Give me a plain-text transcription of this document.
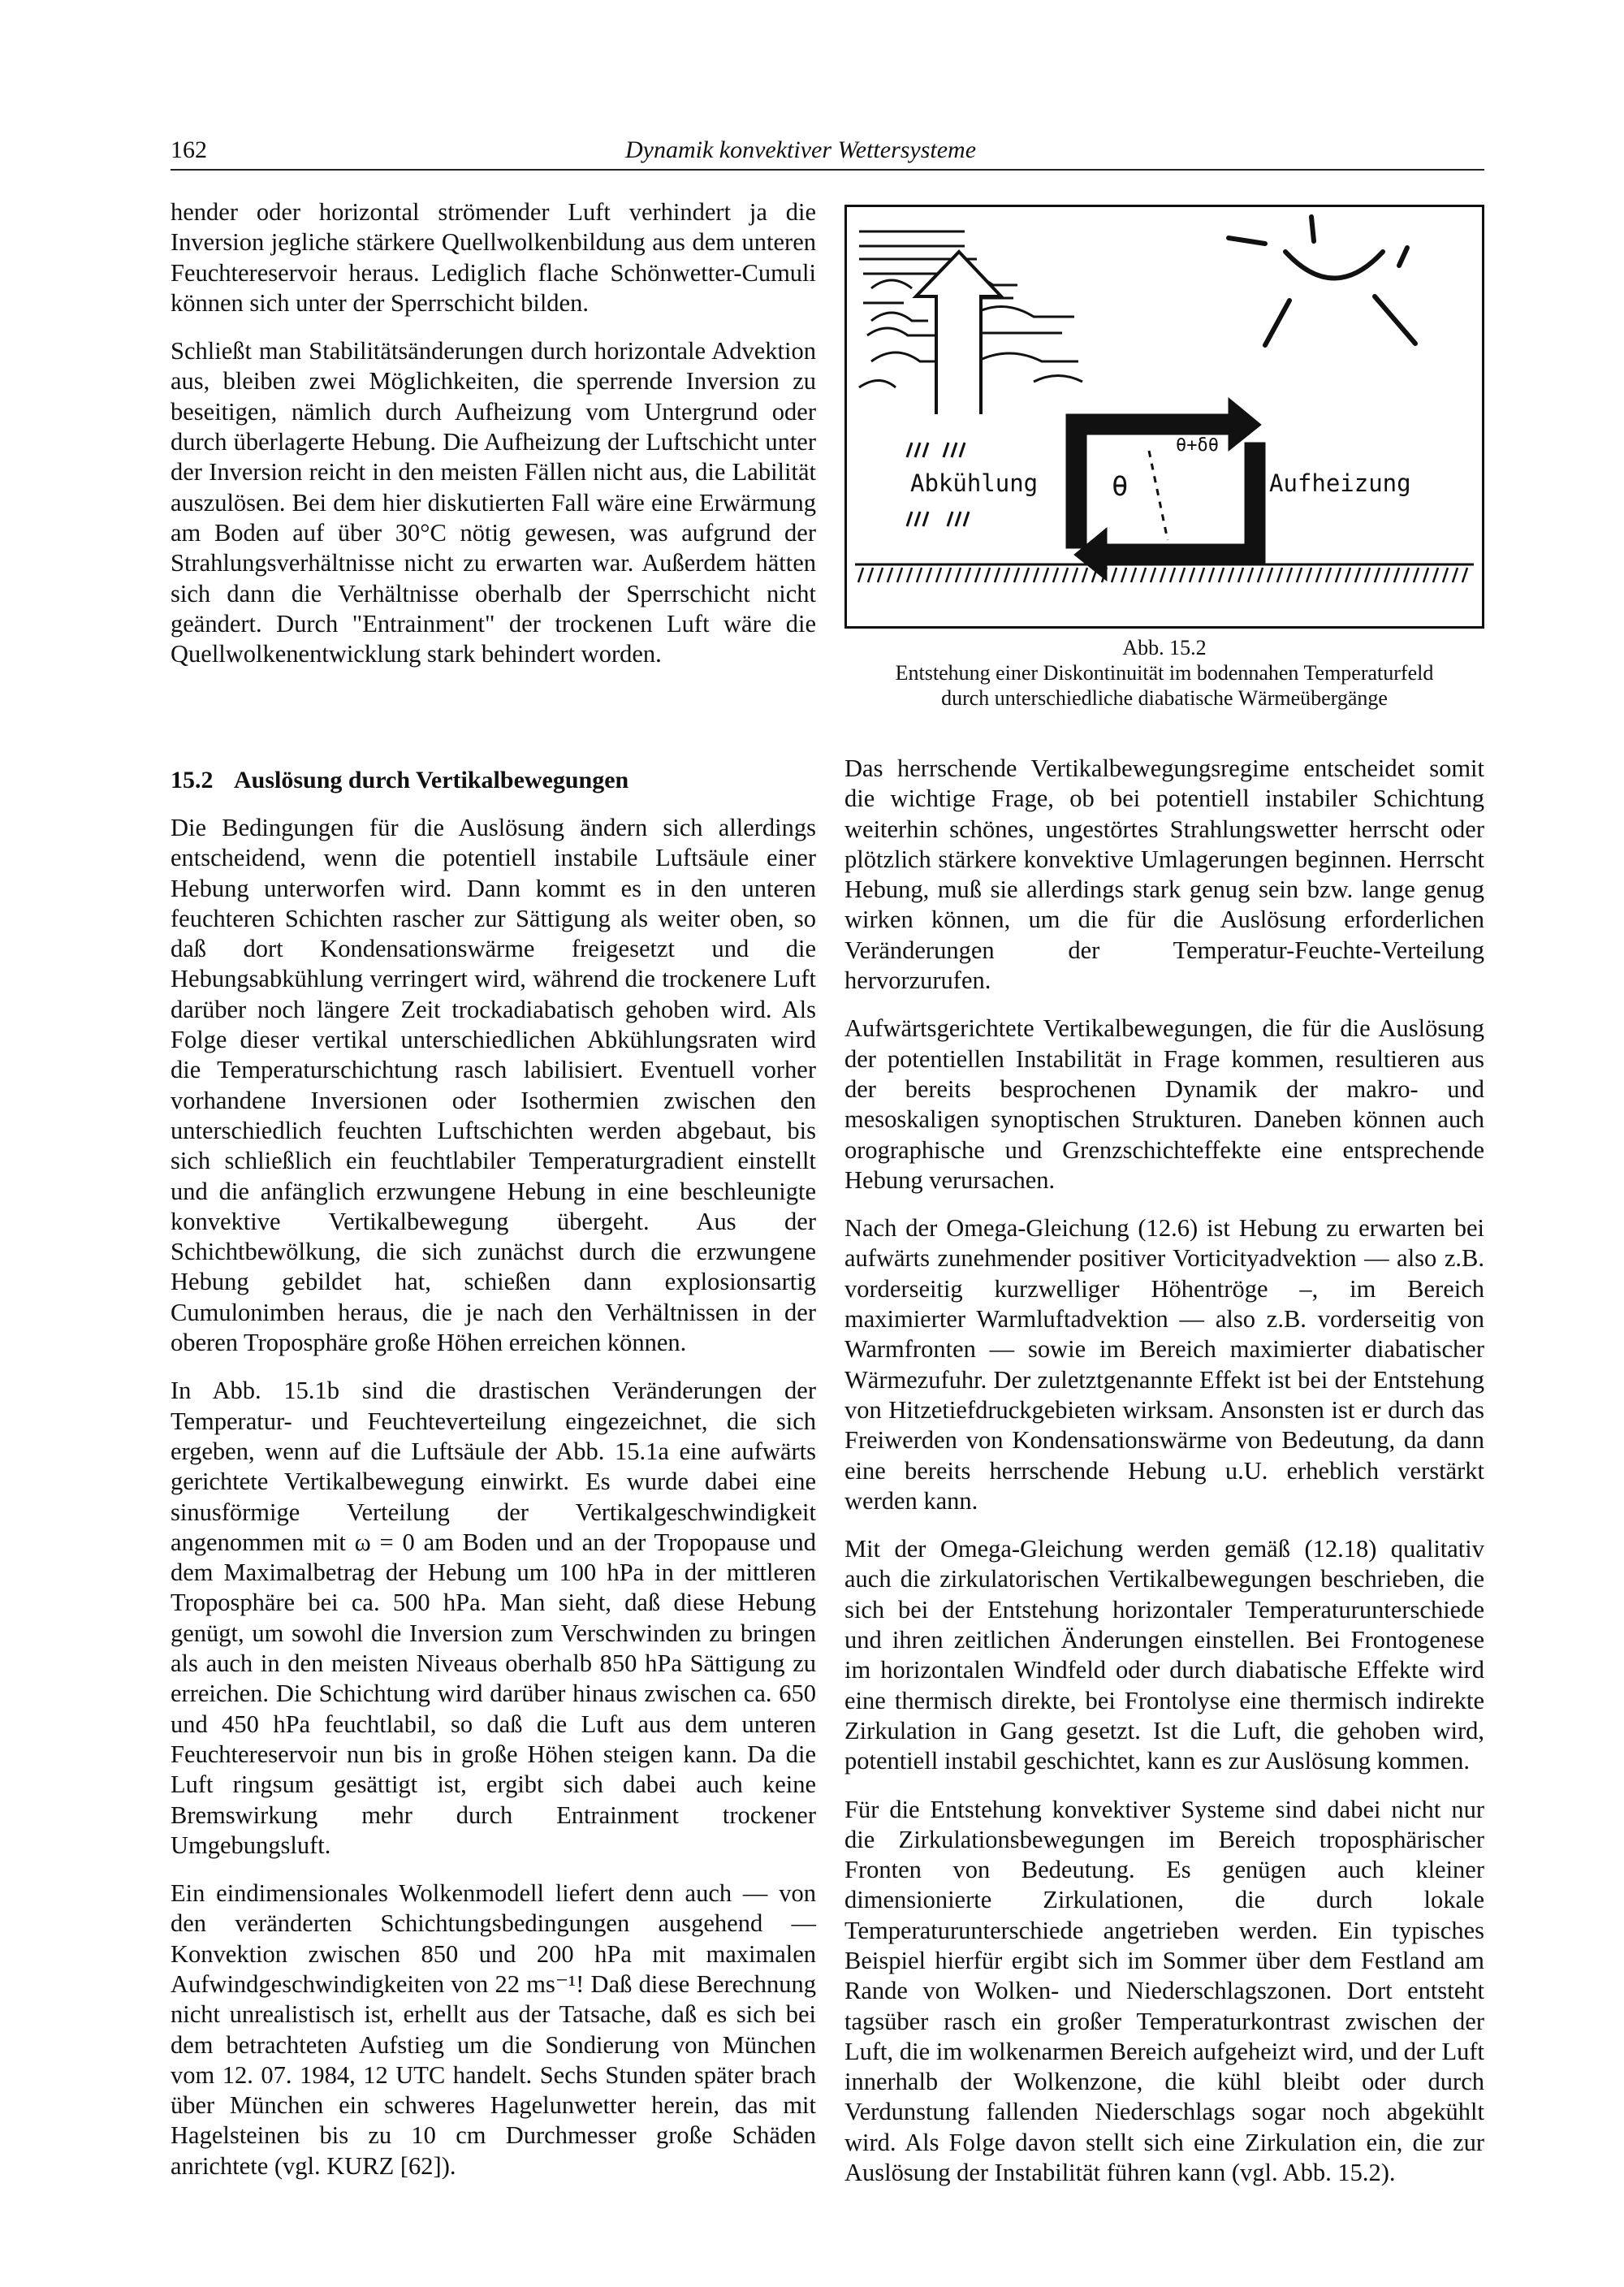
162	Dynamik konvektiver Wettersysteme

hender oder horizontal strömender Luft verhindert ja die Inversion jegliche stärkere Quellwolkenbildung aus dem unteren Feuchtereservoir heraus. Lediglich flache Schönwetter-Cumuli können sich unter der Sperrschicht bilden.

Schließt man Stabilitätsänderungen durch horizontale Advektion aus, bleiben zwei Möglichkeiten, die sperrende Inversion zu beseitigen, nämlich durch Aufheizung vom Untergrund oder durch überlagerte Hebung. Die Aufheizung der Luftschicht unter der Inversion reicht in den meisten Fällen nicht aus, die Labilität auszulösen. Bei dem hier diskutierten Fall wäre eine Erwärmung am Boden auf über 30°C nötig gewesen, was aufgrund der Strahlungsverhältnisse nicht zu erwarten war. Außerdem hätten sich dann die Verhältnisse oberhalb der Sperrschicht nicht geändert. Durch "Entrainment" der trockenen Luft wäre die Quellwolkenentwicklung stark behindert worden.

θ
θ+δθ
Abkühlung	Aufheizung
Abb. 15.2
Entstehung einer Diskontinuität im bodennahen Temperaturfeld
durch unterschiedliche diabatische Wärmeübergänge
15.2 Auslösung durch Vertikalbewegungen

Die Bedingungen für die Auslösung ändern sich allerdings entscheidend, wenn die potentiell instabile Luftsäule einer Hebung unterworfen wird. Dann kommt es in den unteren feuchteren Schichten rascher zur Sättigung als weiter oben, so daß dort Kondensationswärme freigesetzt und die Hebungsabkühlung verringert wird, während die trockenere Luft darüber noch längere Zeit trockadiabatisch gehoben wird. Als Folge dieser vertikal unterschiedlichen Abkühlungsraten wird die Temperaturschichtung rasch labilisiert. Eventuell vorher vorhandene Inversionen oder Isothermien zwischen den unterschiedlich feuchten Luftschichten werden abgebaut, bis sich schließlich ein feuchtlabiler Temperaturgradient einstellt und die anfänglich erzwungene Hebung in eine beschleunigte konvektive Vertikalbewegung übergeht. Aus der Schichtbewölkung, die sich zunächst durch die erzwungene Hebung gebildet hat, schießen dann explosionsartig Cumulonimben heraus, die je nach den Verhältnissen in der oberen Troposphäre große Höhen erreichen können.

In Abb. 15.1b sind die drastischen Veränderungen der Temperatur- und Feuchteverteilung eingezeichnet, die sich ergeben, wenn auf die Luftsäule der Abb. 15.1a eine aufwärts gerichtete Vertikalbewegung einwirkt. Es wurde dabei eine sinusförmige Verteilung der Vertikalgeschwindigkeit angenommen mit ω = 0 am Boden und an der Tropopause und dem Maximalbetrag der Hebung um 100 hPa in der mittleren Troposphäre bei ca. 500 hPa. Man sieht, daß diese Hebung genügt, um sowohl die Inversion zum Verschwinden zu bringen als auch in den meisten Niveaus oberhalb 850 hPa Sättigung zu erreichen. Die Schichtung wird darüber hinaus zwischen ca. 650 und 450 hPa feuchtlabil, so daß die Luft aus dem unteren Feuchtereservoir nun bis in große Höhen steigen kann. Da die Luft ringsum gesättigt ist, ergibt sich dabei auch keine Bremswirkung mehr durch Entrainment trockener Umgebungsluft.

Ein eindimensionales Wolkenmodell liefert denn auch — von den veränderten Schichtungsbedingungen ausgehend — Konvektion zwischen 850 und 200 hPa mit maximalen Aufwindgeschwindigkeiten von 22 ms⁻¹! Daß diese Berechnung nicht unrealistisch ist, erhellt aus der Tatsache, daß es sich bei dem betrachteten Aufstieg um die Sondierung von München vom 12. 07. 1984, 12 UTC handelt. Sechs Stunden später brach über München ein schweres Hagelunwetter herein, das mit Hagelsteinen bis zu 10 cm Durchmesser große Schäden anrichtete (vgl. KURZ [62]).

Das herrschende Vertikalbewegungsregime entscheidet somit die wichtige Frage, ob bei potentiell instabiler Schichtung weiterhin schönes, ungestörtes Strahlungswetter herrscht oder plötzlich stärkere konvektive Umlagerungen beginnen. Herrscht Hebung, muß sie allerdings stark genug sein bzw. lange genug wirken können, um die für die Auslösung erforderlichen Veränderungen der Temperatur-Feuchte-Verteilung hervorzurufen.

Aufwärtsgerichtete Vertikalbewegungen, die für die Auslösung der potentiellen Instabilität in Frage kommen, resultieren aus der bereits besprochenen Dynamik der makro- und mesoskaligen synoptischen Strukturen. Daneben können auch orographische und Grenzschichteffekte eine entsprechende Hebung verursachen.

Nach der Omega-Gleichung (12.6) ist Hebung zu erwarten bei aufwärts zunehmender positiver Vorticityadvektion — also z.B. vorderseitig kurzwelliger Höhentröge –, im Bereich maximierter Warmluftadvektion — also z.B. vorderseitig von Warmfronten — sowie im Bereich maximierter diabatischer Wärmezufuhr. Der zuletztgenannte Effekt ist bei der Entstehung von Hitzetiefdruckgebieten wirksam. Ansonsten ist er durch das Freiwerden von Kondensationswärme von Bedeutung, da dann eine bereits herrschende Hebung u.U. erheblich verstärkt werden kann.

Mit der Omega-Gleichung werden gemäß (12.18) qualitativ auch die zirkulatorischen Vertikalbewegungen beschrieben, die sich bei der Entstehung horizontaler Temperaturunterschiede und ihren zeitlichen Änderungen einstellen. Bei Frontogenese im horizontalen Windfeld oder durch diabatische Effekte wird eine thermisch direkte, bei Frontolyse eine thermisch indirekte Zirkulation in Gang gesetzt. Ist die Luft, die gehoben wird, potentiell instabil geschichtet, kann es zur Auslösung kommen.

Für die Entstehung konvektiver Systeme sind dabei nicht nur die Zirkulationsbewegungen im Bereich troposphärischer Fronten von Bedeutung. Es genügen auch kleiner dimensionierte Zirkulationen, die durch lokale Temperaturunterschiede angetrieben werden. Ein typisches Beispiel hierfür ergibt sich im Sommer über dem Festland am Rande von Wolken- und Niederschlagszonen. Dort entsteht tagsüber rasch ein großer Temperaturkontrast zwischen der Luft, die im wolkenarmen Bereich aufgeheizt wird, und der Luft innerhalb der Wolkenzone, die kühl bleibt oder durch Verdunstung fallenden Niederschlags sogar noch abgekühlt wird. Als Folge davon stellt sich eine Zirkulation ein, die zur Auslösung der Instabilität führen kann (vgl. Abb. 15.2).
